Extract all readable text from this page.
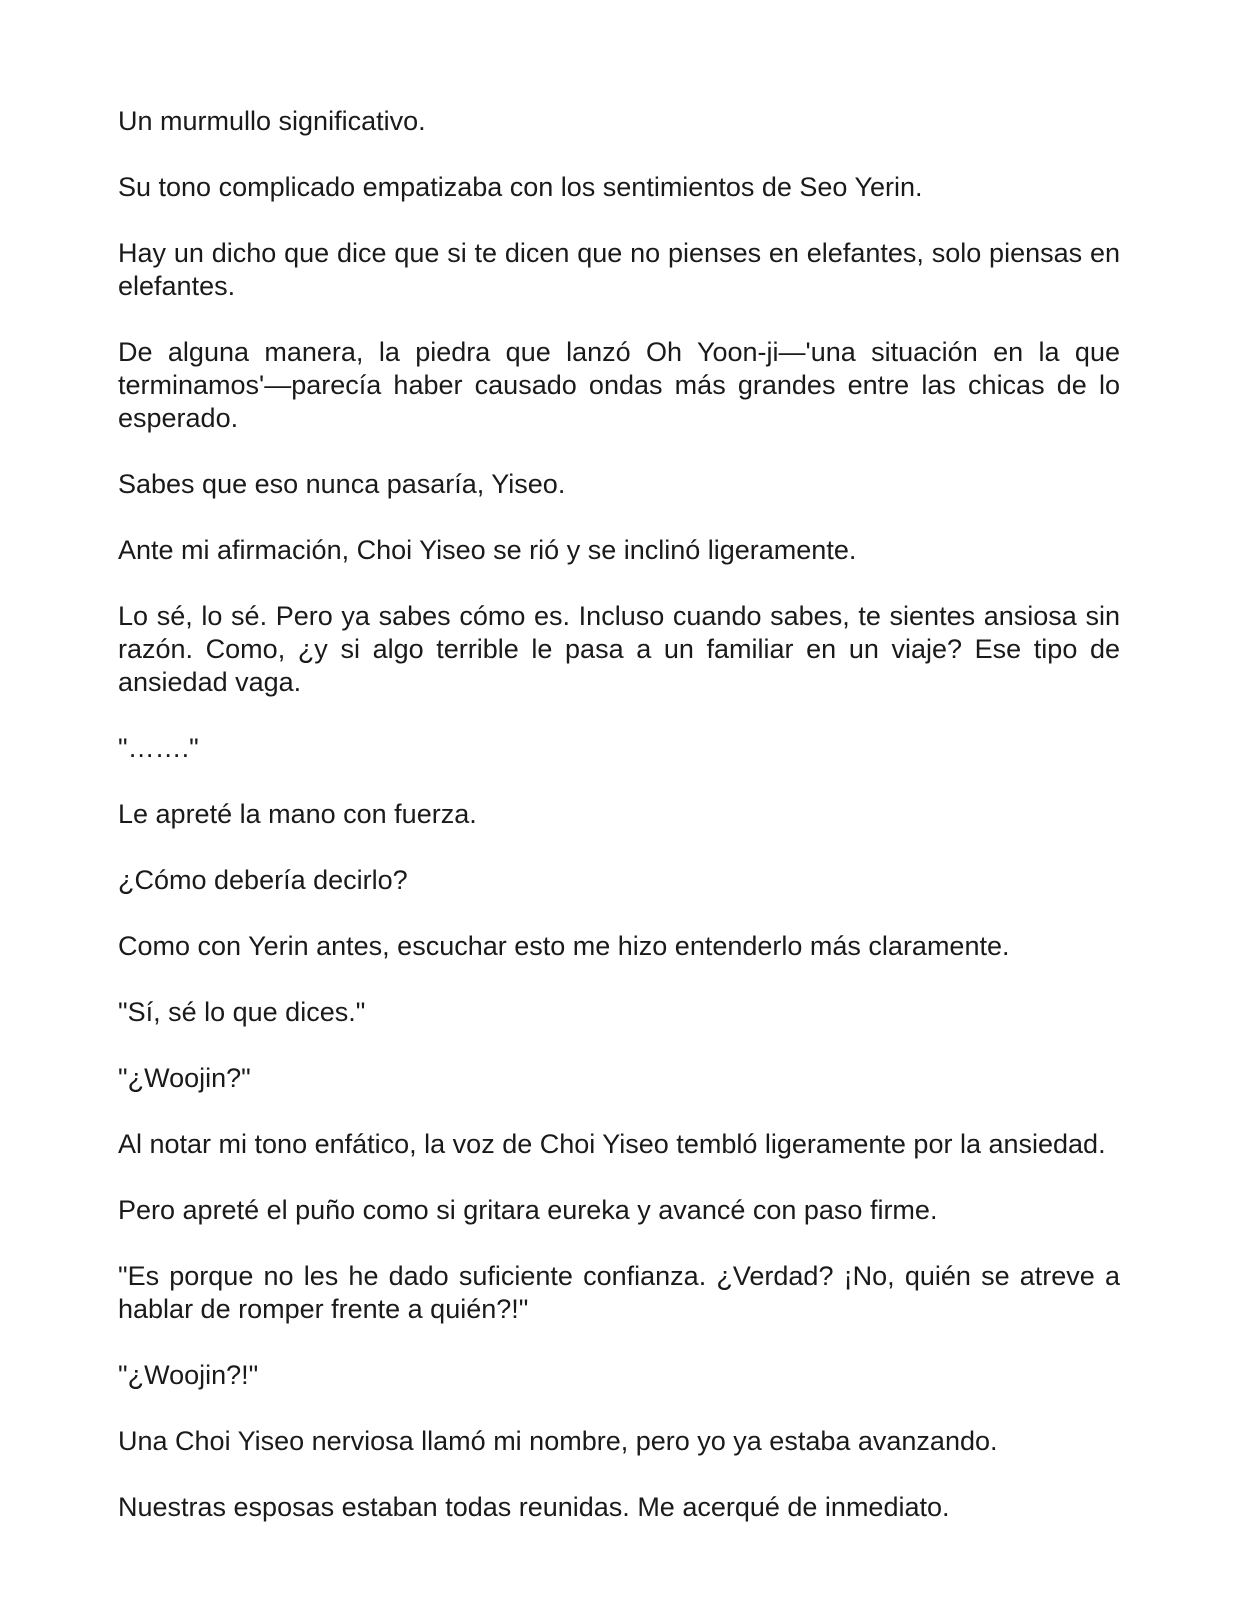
Un murmullo significativo.

Su tono complicado empatizaba con los sentimientos de Seo Yerin.

Hay un dicho que dice que si te dicen que no pienses en elefantes, solo piensas en elefantes.

De alguna manera, la piedra que lanzó Oh Yoon-ji—'una situación en la que terminamos'—parecía haber causado ondas más grandes entre las chicas de lo esperado.

Sabes que eso nunca pasaría, Yiseo.

Ante mi afirmación, Choi Yiseo se rió y se inclinó ligeramente.

Lo sé, lo sé. Pero ya sabes cómo es. Incluso cuando sabes, te sientes ansiosa sin razón. Como, ¿y si algo terrible le pasa a un familiar en un viaje? Ese tipo de ansiedad vaga.

"……."

Le apreté la mano con fuerza.

¿Cómo debería decirlo?

Como con Yerin antes, escuchar esto me hizo entenderlo más claramente.

"Sí, sé lo que dices."

"¿Woojin?"

Al notar mi tono enfático, la voz de Choi Yiseo tembló ligeramente por la ansiedad.

Pero apreté el puño como si gritara eureka y avancé con paso firme.

"Es porque no les he dado suficiente confianza. ¿Verdad? ¡No, quién se atreve a hablar de romper frente a quién?!"

"¿Woojin?!"

Una Choi Yiseo nerviosa llamó mi nombre, pero yo ya estaba avanzando.

Nuestras esposas estaban todas reunidas. Me acerqué de inmediato.
